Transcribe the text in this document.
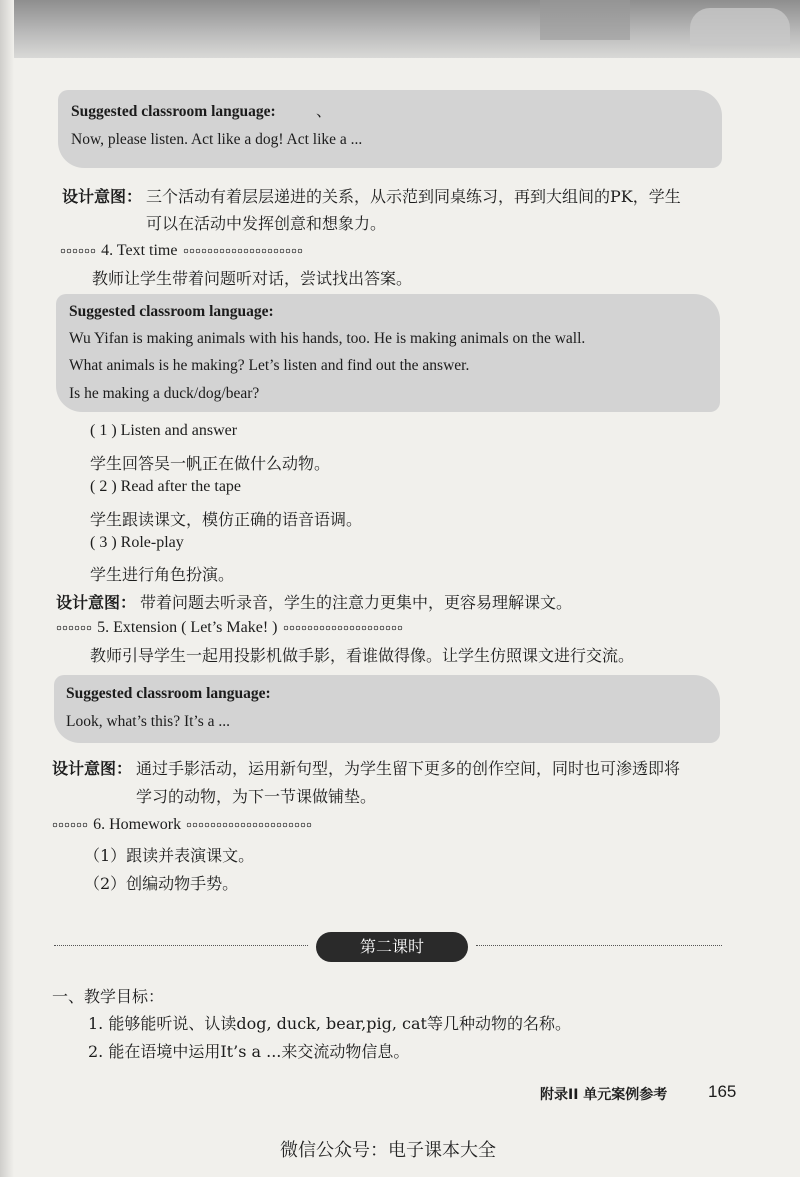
Suggested classroom language:	、
Now, please listen. Act like a dog! Act like a ...
设计意图： 三个活动有着层层递进的关系，从示范到同桌练习，再到大组间的PK，学生
可以在活动中发挥创意和想象力。
4. Text time
教师让学生带着问题听对话，尝试找出答案。
Suggested classroom language:
Wu Yifan is making animals with his hands, too. He is making animals on the wall.
What animals is he making? Let’s listen and find out the answer.
Is he making a duck/dog/bear?
( 1 ) Listen and answer
学生回答吴一帆正在做什么动物。
( 2 ) Read after the tape
学生跟读课文，模仿正确的语音语调。
( 3 ) Role-play
学生进行角色扮演。
设计意图： 带着问题去听录音，学生的注意力更集中，更容易理解课文。
5. Extension ( Let’s Make! )
教师引导学生一起用投影机做手影，看谁做得像。让学生仿照课文进行交流。
Suggested classroom language:
Look, what’s this? It’s a ...
设计意图： 通过手影活动，运用新句型，为学生留下更多的创作空间，同时也可渗透即将
学习的动物，为下一节课做铺垫。
6. Homework
（1）跟读并表演课文。
（2）创编动物手势。
第二课时
一、教学目标：
1. 能够能听说、认读dog, duck, bear,pig, cat等几种动物的名称。
2. 能在语境中运用It’s a ...来交流动物信息。
附录II 单元案例参考 165
微信公众号：电子课本大全
